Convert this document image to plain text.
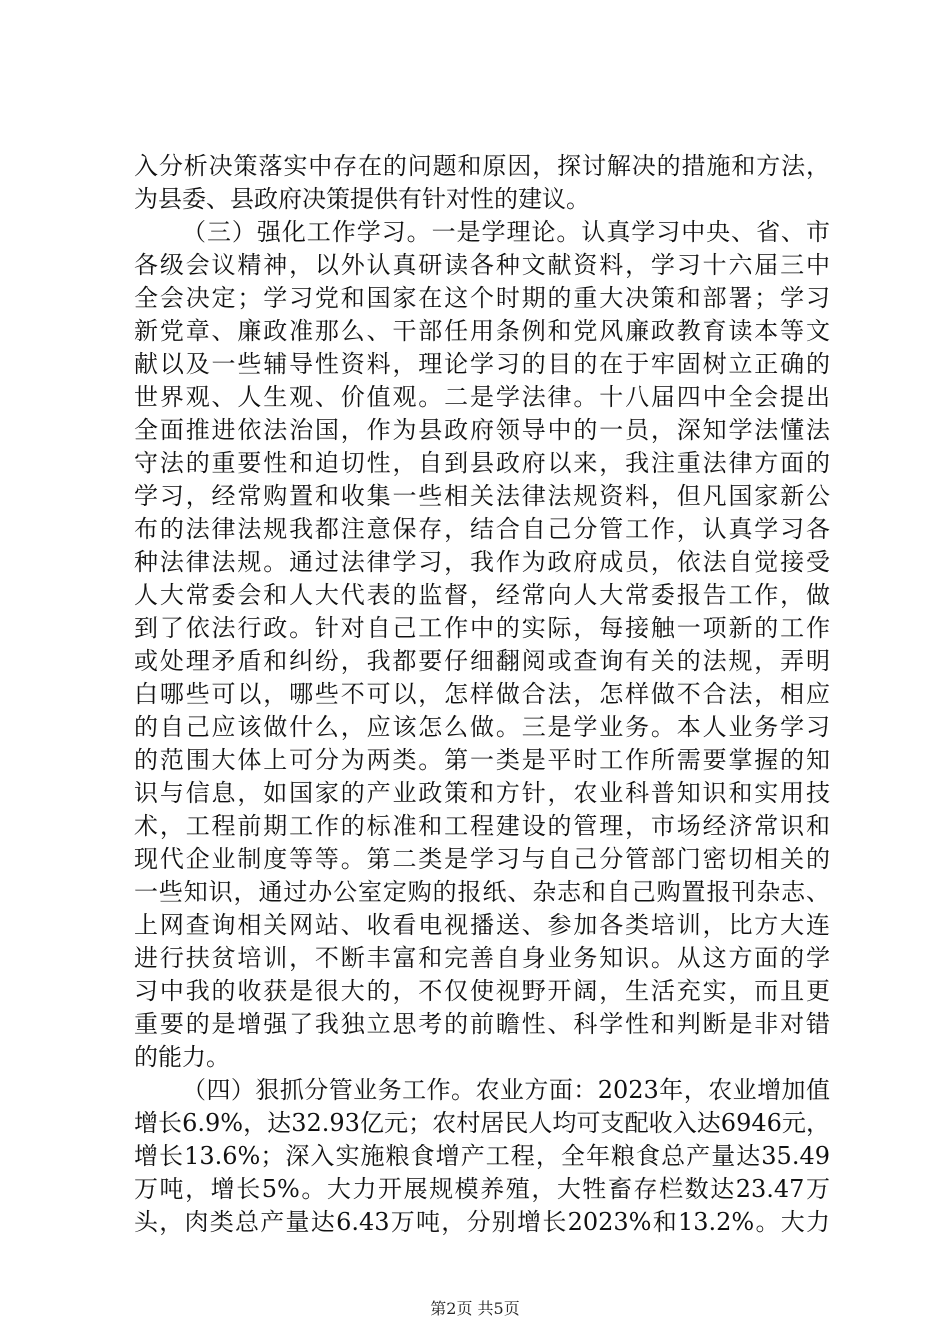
入分析决策落实中存在的问题和原因，探讨解决的措施和方法，
为县委、县政府决策提供有针对性的建议。
（三）强化工作学习。一是学理论。认真学习中央、省、市
各级会议精神，以外认真研读各种文献资料，学习十六届三中
全会决定；学习党和国家在这个时期的重大决策和部署；学习
新党章、廉政准那么、干部任用条例和党风廉政教育读本等文
献以及一些辅导性资料，理论学习的目的在于牢固树立正确的
世界观、人生观、价值观。二是学法律。十八届四中全会提出
全面推进依法治国，作为县政府领导中的一员，深知学法懂法
守法的重要性和迫切性，自到县政府以来，我注重法律方面的
学习，经常购置和收集一些相关法律法规资料，但凡国家新公
布的法律法规我都注意保存，结合自己分管工作，认真学习各
种法律法规。通过法律学习，我作为政府成员，依法自觉接受
人大常委会和人大代表的监督，经常向人大常委报告工作，做
到了依法行政。针对自己工作中的实际，每接触一项新的工作
或处理矛盾和纠纷，我都要仔细翻阅或查询有关的法规，弄明
白哪些可以，哪些不可以，怎样做合法，怎样做不合法，相应
的自己应该做什么，应该怎么做。三是学业务。本人业务学习
的范围大体上可分为两类。第一类是平时工作所需要掌握的知
识与信息，如国家的产业政策和方针，农业科普知识和实用技
术，工程前期工作的标准和工程建设的管理，市场经济常识和
现代企业制度等等。第二类是学习与自己分管部门密切相关的
一些知识，通过办公室定购的报纸、杂志和自己购置报刊杂志、
上网查询相关网站、收看电视播送、参加各类培训，比方大连
进行扶贫培训，不断丰富和完善自身业务知识。从这方面的学
习中我的收获是很大的，不仅使视野开阔，生活充实，而且更
重要的是增强了我独立思考的前瞻性、科学性和判断是非对错
的能力。
（四）狠抓分管业务工作。农业方面：2023年，农业增加值
增长6.9%，达32.93亿元；农村居民人均可支配收入达6946元，
增长13.6%；深入实施粮食增产工程，全年粮食总产量达35.49
万吨，增长5%。大力开展规模养殖，大牲畜存栏数达23.47万
头，肉类总产量达6.43万吨，分别增长2023%和13.2%。大力
第2页 共5页
